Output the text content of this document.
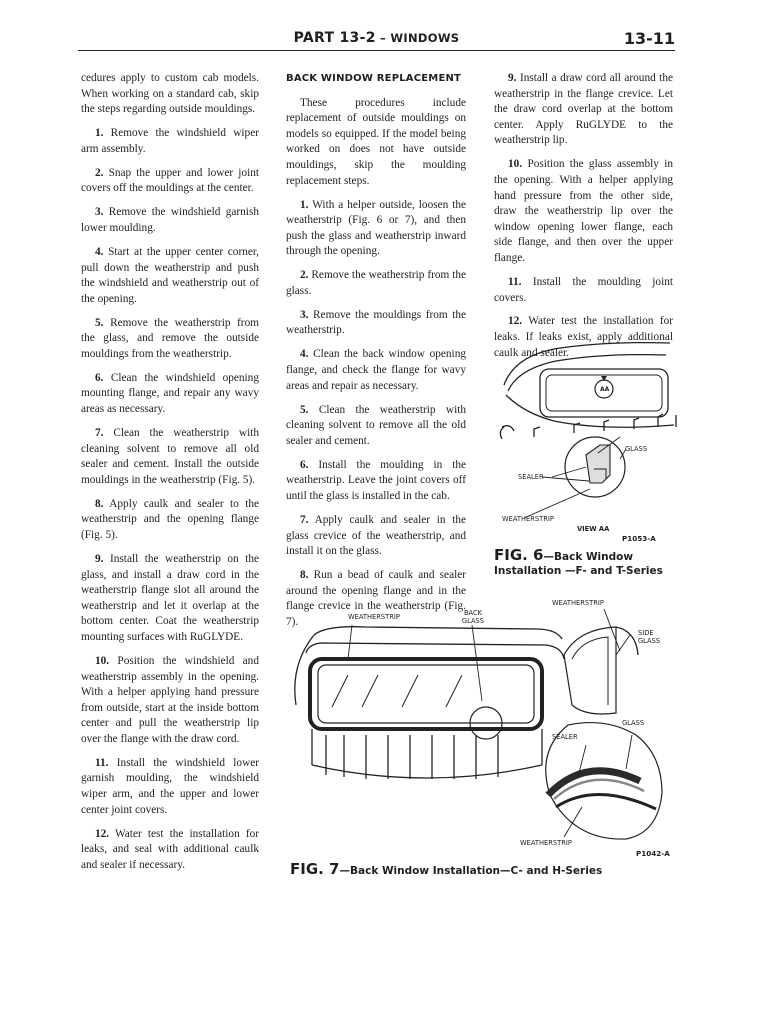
PART 13-2 – WINDOWS	13-11

cedures apply to custom cab models. When working on a standard cab, skip the steps regarding outside mouldings.

1. Remove the windshield wiper arm assembly.

2. Snap the upper and lower joint covers off the mouldings at the center.

3. Remove the windshield garnish lower moulding.

4. Start at the upper center corner, pull down the weatherstrip and push the windshield and weatherstrip out of the opening.

5. Remove the weatherstrip from the glass, and remove the outside mouldings from the weatherstrip.

6. Clean the windshield opening mounting flange, and repair any wavy areas as necessary.

7. Clean the weatherstrip with cleaning solvent to remove all old sealer and cement. Install the outside mouldings in the weatherstrip (Fig. 5).

8. Apply caulk and sealer to the weatherstrip and the opening flange (Fig. 5).

9. Install the weatherstrip on the glass, and install a draw cord in the weatherstrip flange slot all around the weatherstrip and let it overlap at the bottom center. Coat the weatherstrip mounting surfaces with RuGLYDE.

10. Position the windshield and weatherstrip assembly in the opening. With a helper applying hand pressure from outside, start at the inside bottom center and pull the weatherstrip lip over the flange with the draw cord.

11. Install the windshield lower garnish moulding, the windshield wiper arm, and the upper and lower center joint covers.

12. Water test the installation for leaks, and seal with additional caulk and sealer if necessary.

BACK WINDOW REPLACEMENT

These procedures include replacement of outside mouldings on models so equipped. If the model being worked on does not have outside mouldings, skip the moulding replacement steps.

1. With a helper outside, loosen the weatherstrip (Fig. 6 or 7), and then push the glass and weatherstrip inward through the opening.

2. Remove the weatherstrip from the glass.

3. Remove the mouldings from the weatherstrip.

4. Clean the back window opening flange, and check the flange for wavy areas and repair as necessary.

5. Clean the weatherstrip with cleaning solvent to remove all the old sealer and cement.

6. Install the moulding in the weatherstrip. Leave the joint covers off until the glass is installed in the cab.

7. Apply caulk and sealer in the glass crevice of the weatherstrip, and install it on the glass.

8. Run a bead of caulk and sealer around the opening flange and in the flange crevice in the weatherstrip (Fig. 7).

9. Install a draw cord all around the weatherstrip in the flange crevice. Let the draw cord overlap at the bottom center. Apply RuGLYDE to the weatherstrip lip.

10. Position the glass assembly in the opening. With a helper applying hand pressure from the other side, draw the weatherstrip lip over the window opening lower flange, each side flange, and then over the upper flange.

11. Install the moulding joint covers.

12. Water test the installation for leaks. If leaks exist, apply additional caulk and sealer.

AA
GLASS
SEALER
WEATHERSTRIP
VIEW AA
P1053-A
FIG. 6—Back Window Installation —F- and T-Series
WEATHERSTRIP	BACK GLASS
WEATHERSTRIP
SIDE GLASS
GLASS
SEALER
WEATHERSTRIP
P1042-A
FIG. 7—Back Window Installation—C- and H-Series
